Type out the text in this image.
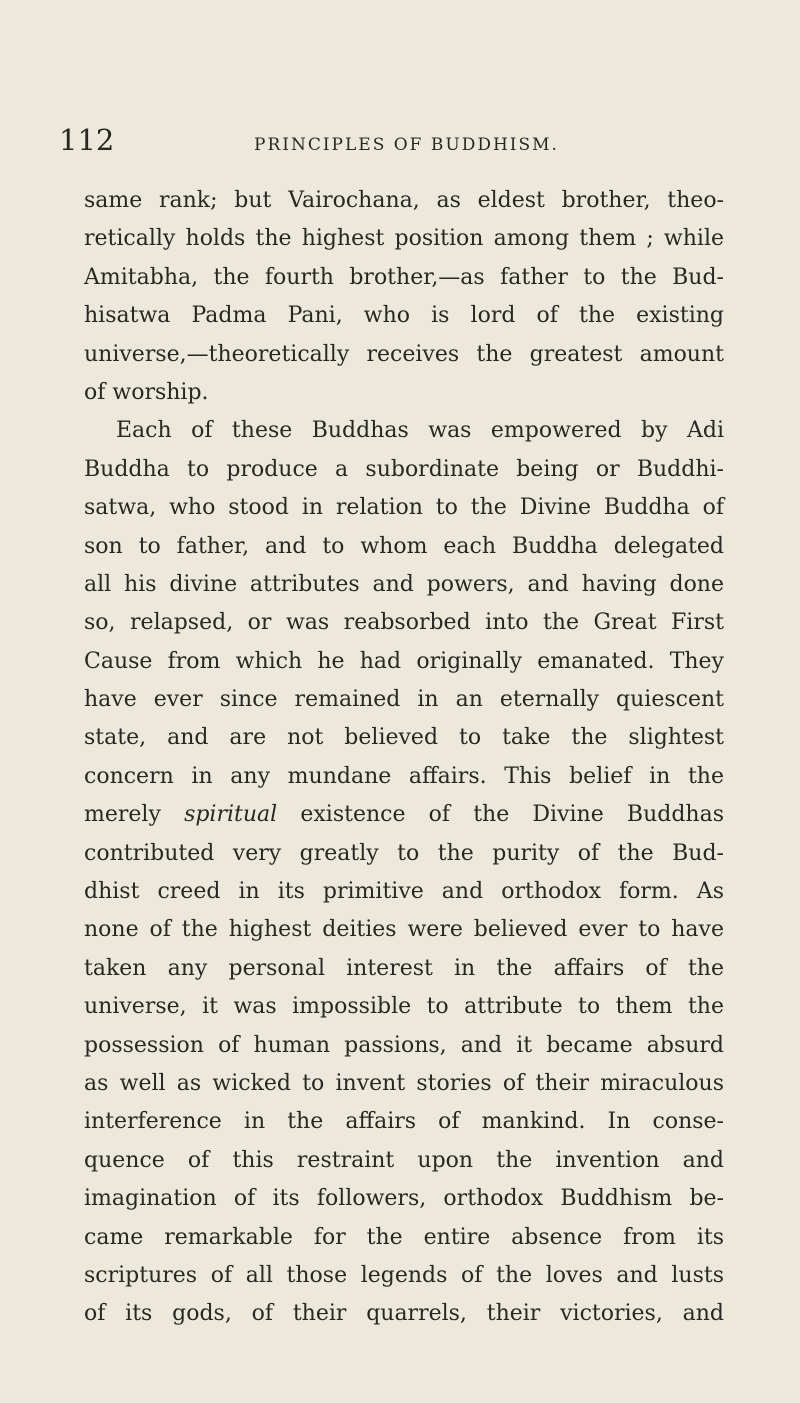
112	PRINCIPLES OF BUDDHISM.
same rank; but Vairochana, as eldest brother, theo-
retically holds the highest position among them ; while
Amitabha, the fourth brother,—as father to the Bud-
hisatwa Padma Pani, who is lord of the existing
universe,—theoretically receives the greatest amount
of worship.
Each of these Buddhas was empowered by Adi
Buddha to produce a subordinate being or Buddhi-
satwa, who stood in relation to the Divine Buddha of
son to father, and to whom each Buddha delegated
all his divine attributes and powers, and having done
so, relapsed, or was reabsorbed into the Great First
Cause from which he had originally emanated. They
have ever since remained in an eternally quiescent
state, and are not believed to take the slightest
concern in any mundane affairs. This belief in the
merely spiritual existence of the Divine Buddhas
contributed very greatly to the purity of the Bud-
dhist creed in its primitive and orthodox form. As
none of the highest deities were believed ever to have
taken any personal interest in the affairs of the
universe, it was impossible to attribute to them the
possession of human passions, and it became absurd
as well as wicked to invent stories of their miraculous
interference in the affairs of mankind. In conse-
quence of this restraint upon the invention and
imagination of its followers, orthodox Buddhism be-
came remarkable for the entire absence from its
scriptures of all those legends of the loves and lusts
of its gods, of their quarrels, their victories, and
